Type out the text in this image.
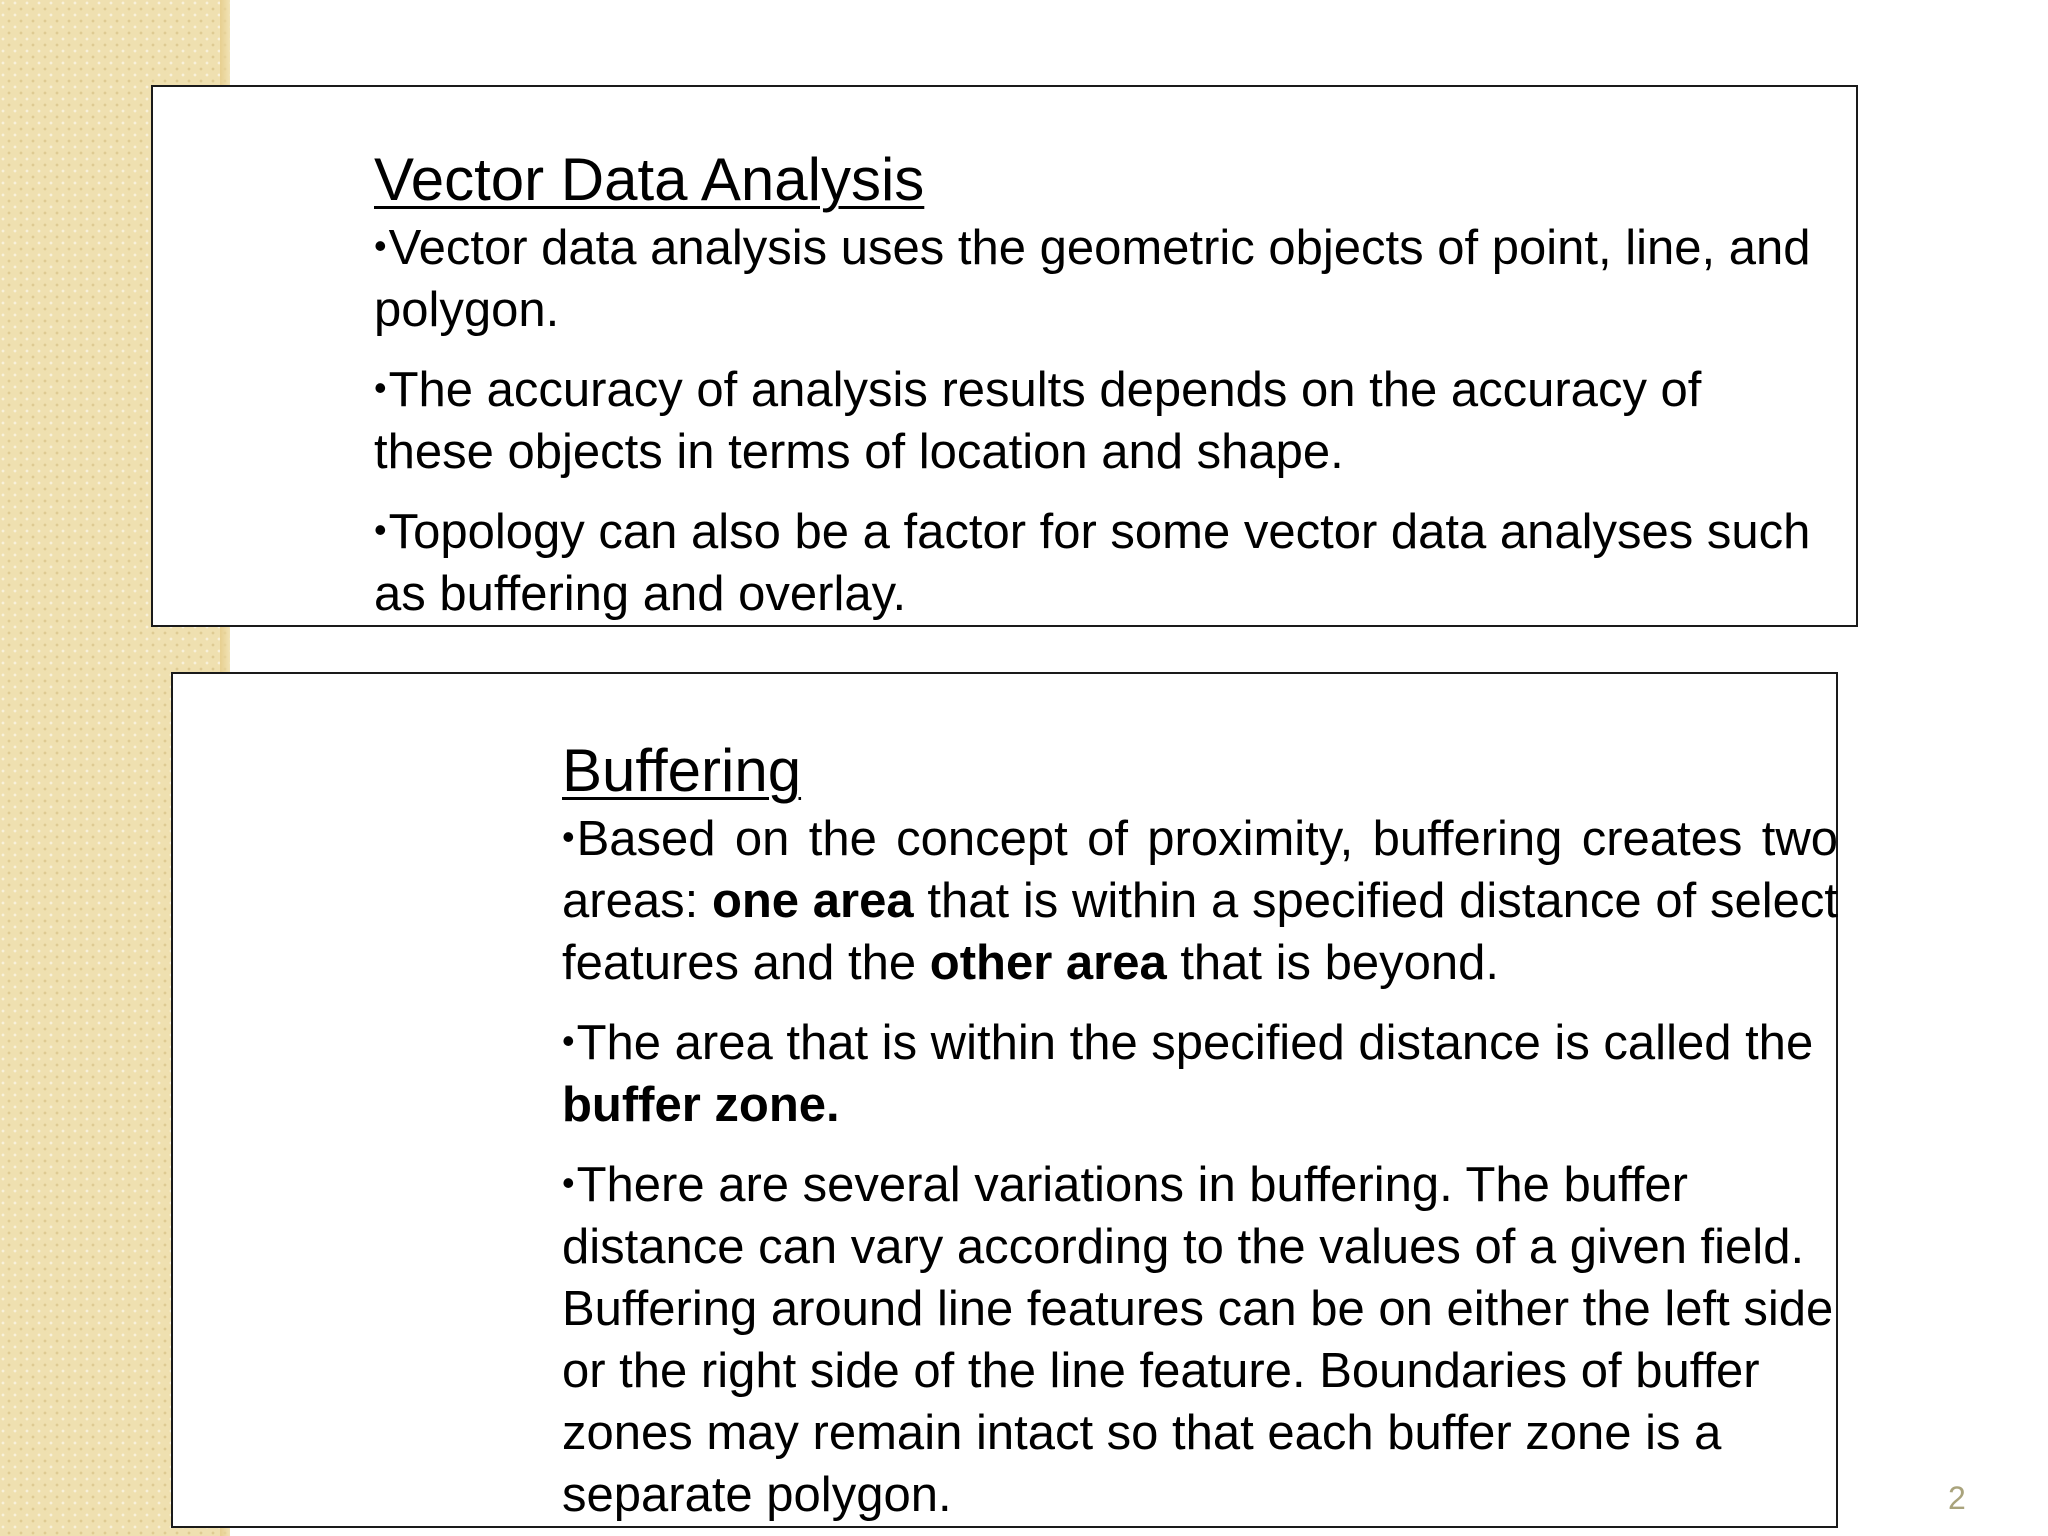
Vector Data Analysis

•Vector data analysis uses the geometric objects of point, line, and polygon.

•The accuracy of analysis results depends on the accuracy of these objects in terms of location and shape.

•Topology can also be a factor for some vector data analyses such as buffering and overlay.

Buffering

•Based on the concept of proximity, buffering creates two areas: one area that is within a specified distance of select features and the other area that is beyond.

•The area that is within the specified distance is called the buffer zone.

•There are several variations in buffering. The buffer distance can vary according to the values of a given field. Buffering around line features can be on either the left side or the right side of the line feature. Boundaries of buffer zones may remain intact so that each buffer zone is a separate polygon.	2
